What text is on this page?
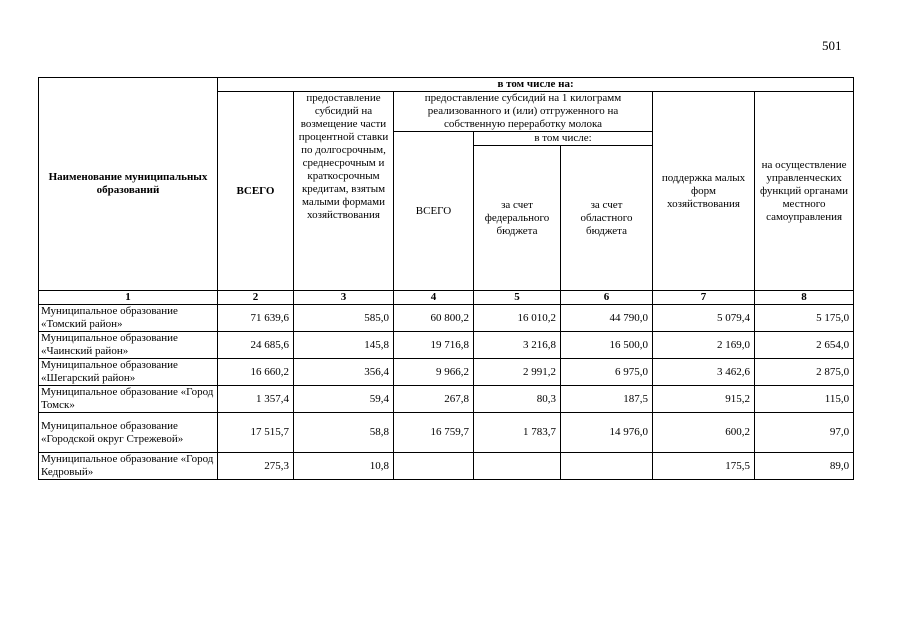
501
Наименование муниципальных образований	в том числе на:						
	ВСЕГО	предоставление субсидий на возмещение части процентной ставки по долгосрочным, среднесрочным и краткосрочным кредитам, взятым малыми формами хозяйствования	предоставление субсидий на 1 килограмм реализованного и (или) отгруженного на собственную переработку молока			поддержка малых форм хозяйствования	на осуществление управленческих функций органами местного самоуправления
			ВСЕГО	в том числе:			
				за счет федерального бюджета	за счет областного бюджета		
1	2	3	4	5	6	7	8
Муниципальное образование «Томский район»	71 639,6	585,0	60 800,2	16 010,2	44 790,0	5 079,4	5 175,0
Муниципальное образование «Чаинский район»	24 685,6	145,8	19 716,8	3 216,8	16 500,0	2 169,0	2 654,0
Муниципальное образование «Шегарский район»	16 660,2	356,4	9 966,2	2 991,2	6 975,0	3 462,6	2 875,0
Муниципальное образование «Город Томск»	1 357,4	59,4	267,8	80,3	187,5	915,2	115,0
Муниципальное образование «Городской округ Стрежевой»	17 515,7	58,8	16 759,7	1 783,7	14 976,0	600,2	97,0
Муниципальное образование «Город Кедровый»	275,3	10,8				175,5	89,0
